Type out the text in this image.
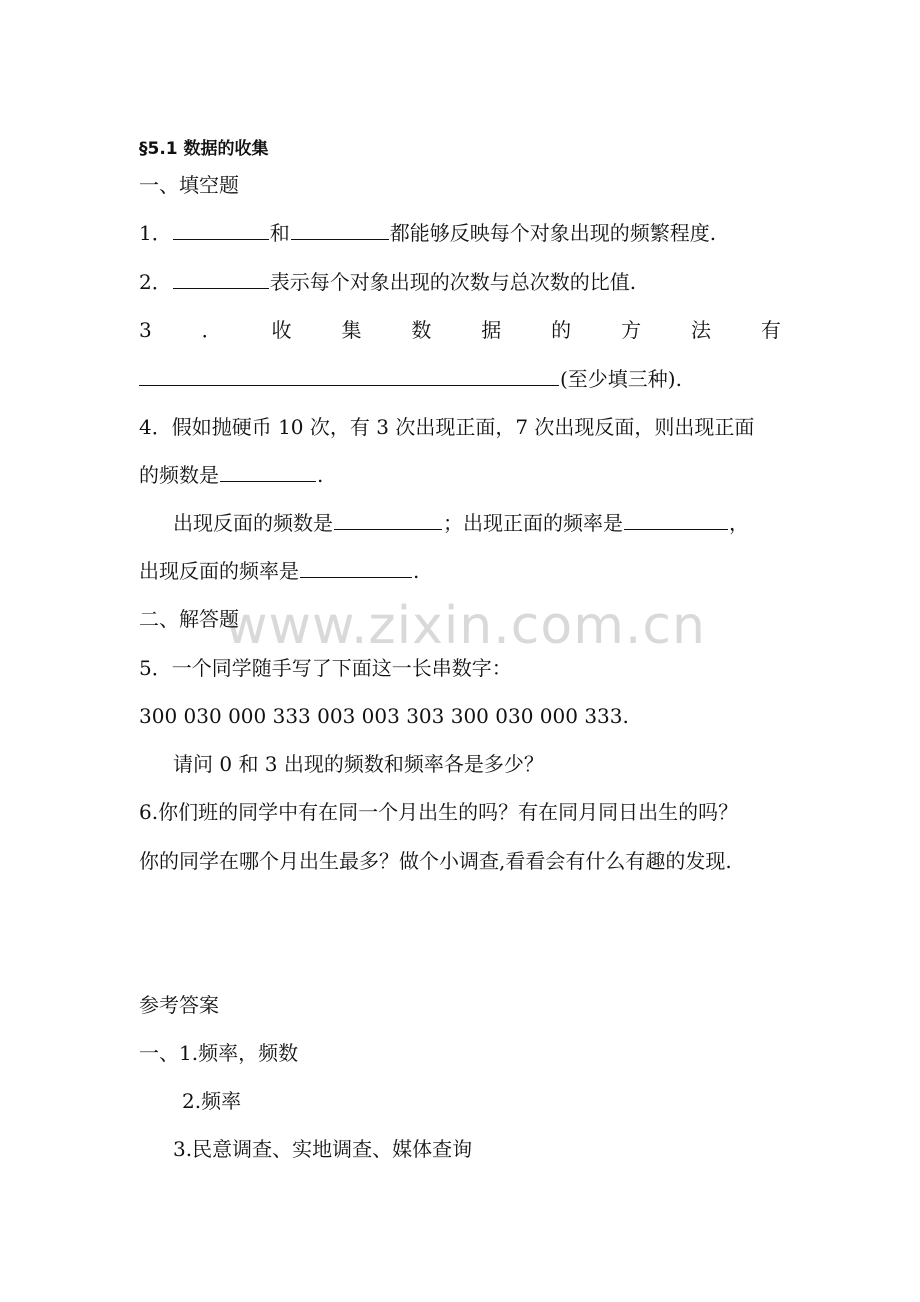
www.zixin.com.cn
§5.1 数据的收集
一、填空题
1．	和	都能够反映每个对象出现的频繁程度.
2．	表示每个对象出现的次数与总次数的比值.
3 ． 收 集 数 据 的 方 法 有
(至少填三种).
4．假如抛硬币 10 次，有 3 次出现正面，7 次出现反面，则出现正面
的频数是	.
出现反面的频数是	；出现正面的频率是	，
出现反面的频率是	.
二、解答题
5．一个同学随手写了下面这一长串数字：
300 030 000 333 003 003 303 300 030 000 333.
请问 0 和 3 出现的频数和频率各是多少？
6.你们班的同学中有在同一个月出生的吗？有在同月同日出生的吗？
你的同学在哪个月出生最多？做个小调查,看看会有什么有趣的发现.
参考答案
一、1.频率，频数
2.频率
3.民意调查、实地调查、媒体查询
